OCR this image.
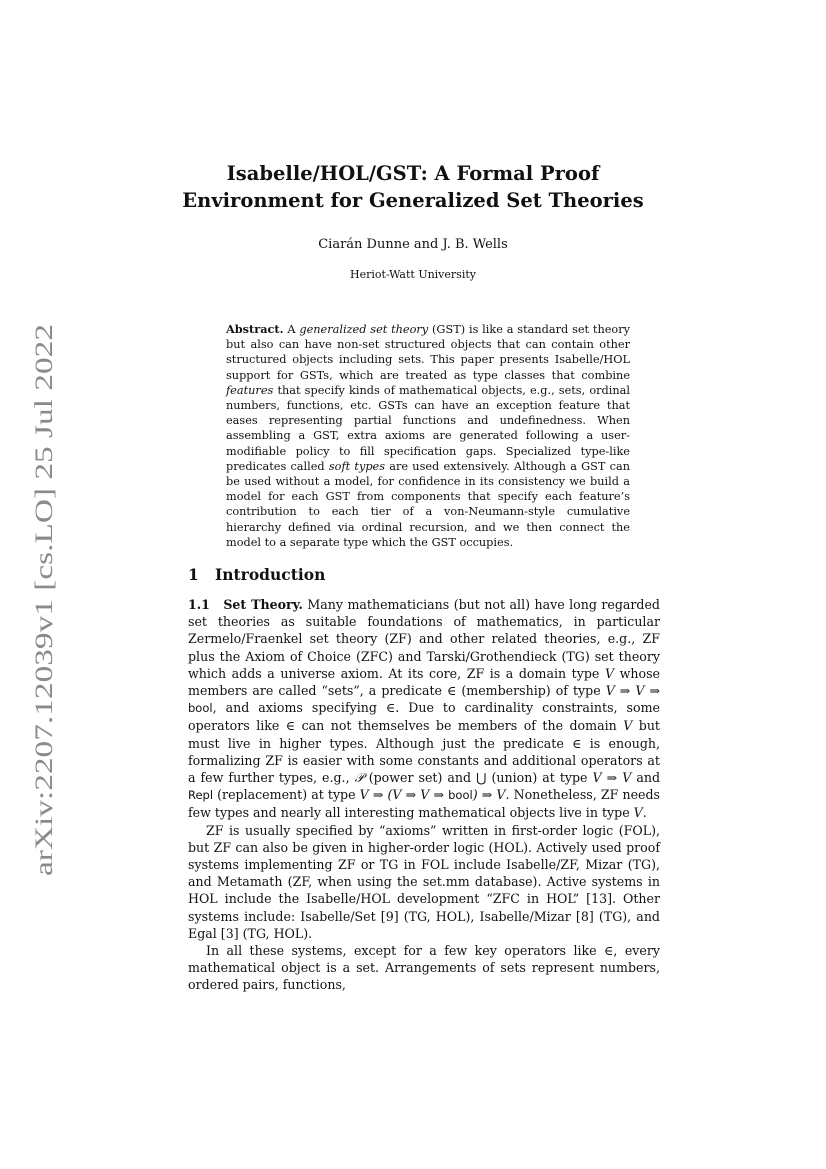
arXiv:2207.12039v1 [cs.LO] 25 Jul 2022
Isabelle/HOL/GST: A Formal Proof
Environment for Generalized Set Theories
Ciarán Dunne and J. B. Wells
Heriot-Watt University
Abstract. A generalized set theory (GST) is like a standard set theory but also can have non-set structured objects that can contain other structured objects including sets. This paper presents Isabelle/HOL support for GSTs, which are treated as type classes that combine features that specify kinds of mathematical objects, e.g., sets, ordinal numbers, functions, etc. GSTs can have an exception feature that eases representing partial functions and undefinedness. When assembling a GST, extra axioms are generated following a user-modifiable policy to fill specification gaps. Specialized type-like predicates called soft types are used extensively. Although a GST can be used without a model, for confidence in its consistency we build a model for each GST from components that specify each feature’s contribution to each tier of a von-Neumann-style cumulative hierarchy defined via ordinal recursion, and we then connect the model to a separate type which the GST occupies.
1 Introduction

1.1 Set Theory. Many mathematicians (but not all) have long regarded set theories as suitable foundations of mathematics, in particular Zermelo/Fraenkel set theory (ZF) and other related theories, e.g., ZF plus the Axiom of Choice (ZFC) and Tarski/Grothendieck (TG) set theory which adds a universe axiom. At its core, ZF is a domain type V whose members are called “sets”, a predicate ∈ (membership) of type V ⇒ V ⇒ bool, and axioms specifying ∈. Due to cardinality constraints, some operators like ∈ can not themselves be members of the domain V but must live in higher types. Although just the predicate ∈ is enough, formalizing ZF is easier with some constants and additional operators at a few further types, e.g., 𝒫 (power set) and ⋃ (union) at type V ⇒ V and Repl (replacement) at type V ⇒ (V ⇒ V ⇒ bool) ⇒ V. Nonetheless, ZF needs few types and nearly all interesting mathematical objects live in type V.

ZF is usually specified by “axioms” written in first-order logic (FOL), but ZF can also be given in higher-order logic (HOL). Actively used proof systems implementing ZF or TG in FOL include Isabelle/ZF, Mizar (TG), and Metamath (ZF, when using the set.mm database). Active systems in HOL include the Isabelle/HOL development “ZFC in HOL” [13]. Other systems include: Isabelle/Set [9] (TG, HOL), Isabelle/Mizar [8] (TG), and Egal [3] (TG, HOL).

In all these systems, except for a few key operators like ∈, every mathematical object is a set. Arrangements of sets represent numbers, ordered pairs, functions,
